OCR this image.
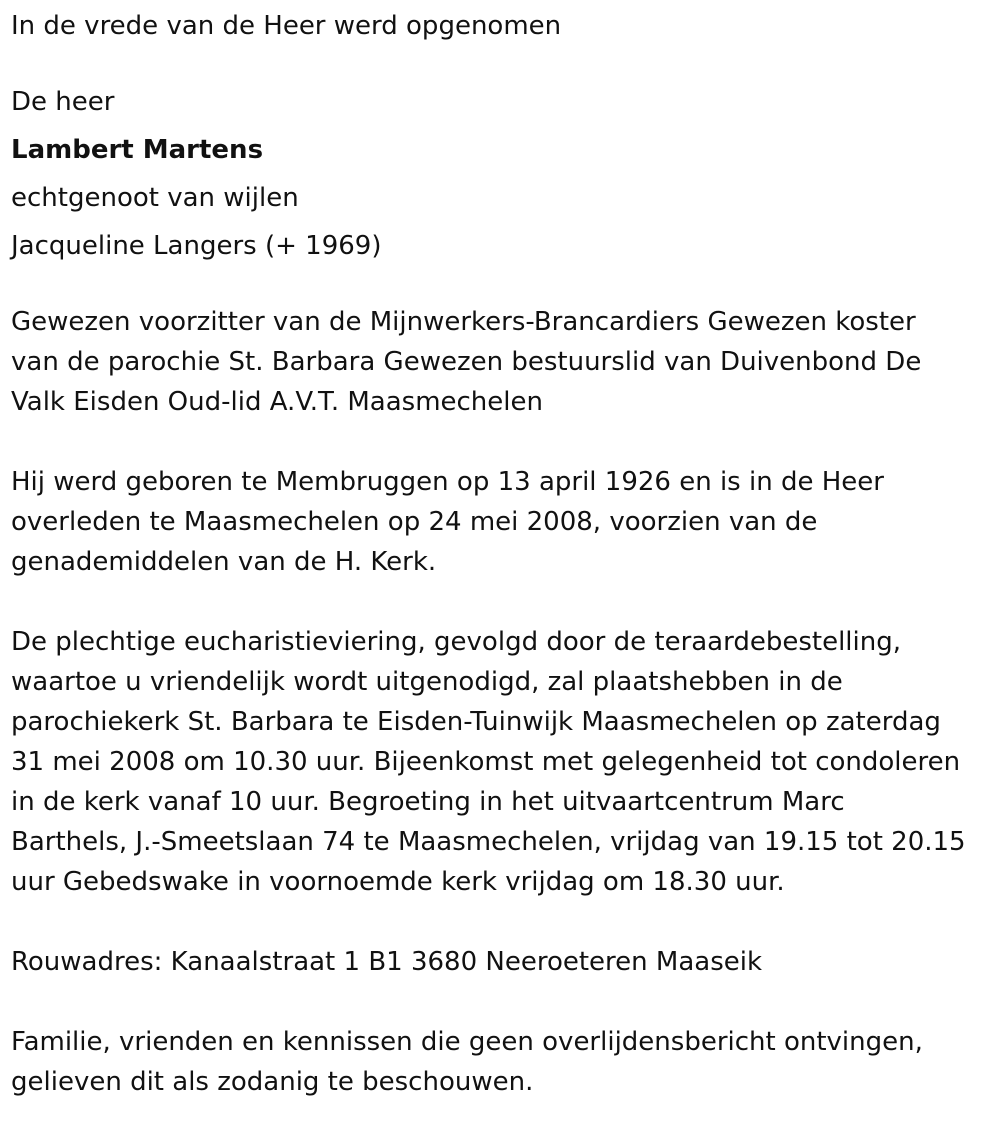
In de vrede van de Heer werd opgenomen
De heer
Lambert Martens
echtgenoot van wijlen
Jacqueline Langers (+ 1969)
Gewezen voorzitter van de Mijnwerkers-Brancardiers Gewezen koster
van de parochie St. Barbara Gewezen bestuurslid van Duivenbond De
Valk Eisden Oud-lid A.V.T. Maasmechelen
Hij werd geboren te Membruggen op 13 april 1926 en is in de Heer
overleden te Maasmechelen op 24 mei 2008, voorzien van de
genademiddelen van de H. Kerk.
De plechtige eucharistieviering, gevolgd door de teraardebestelling,
waartoe u vriendelijk wordt uitgenodigd, zal plaatshebben in de
parochiekerk St. Barbara te Eisden-Tuinwijk Maasmechelen op zaterdag
31 mei 2008 om 10.30 uur. Bijeenkomst met gelegenheid tot condoleren
in de kerk vanaf 10 uur. Begroeting in het uitvaartcentrum Marc
Barthels, J.-Smeetslaan 74 te Maasmechelen, vrijdag van 19.15 tot 20.15
uur Gebedswake in voornoemde kerk vrijdag om 18.30 uur.
Rouwadres: Kanaalstraat 1 B1 3680 Neeroeteren Maaseik
Familie, vrienden en kennissen die geen overlijdensbericht ontvingen,
gelieven dit als zodanig te beschouwen.
